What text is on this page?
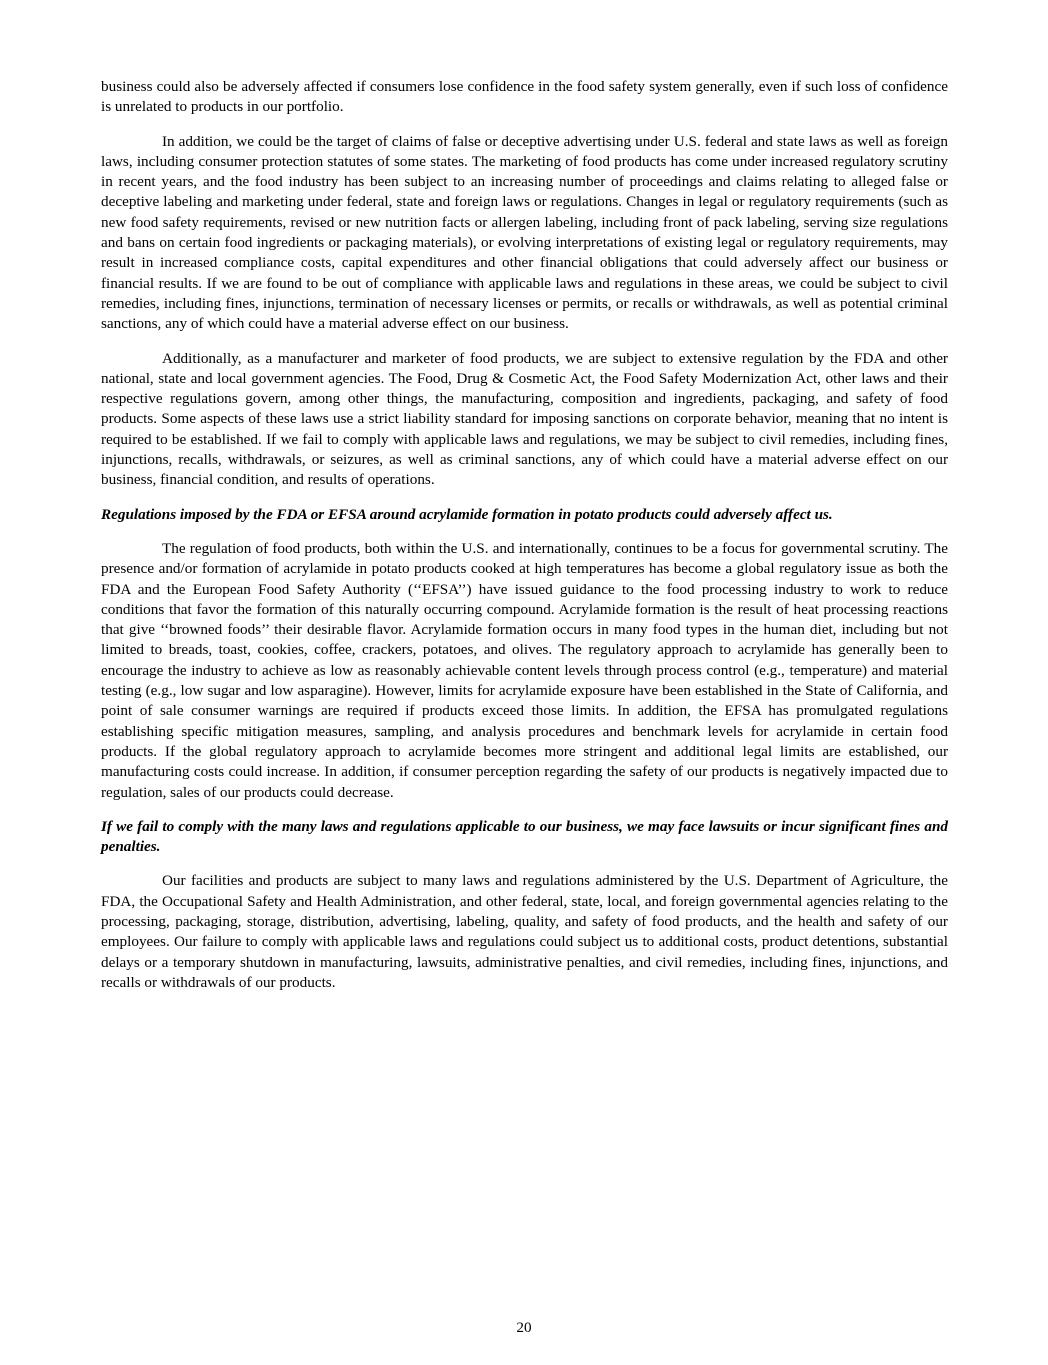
business could also be adversely affected if consumers lose confidence in the food safety system generally, even if such loss of confidence is unrelated to products in our portfolio.

In addition, we could be the target of claims of false or deceptive advertising under U.S. federal and state laws as well as foreign laws, including consumer protection statutes of some states. The marketing of food products has come under increased regulatory scrutiny in recent years, and the food industry has been subject to an increasing number of proceedings and claims relating to alleged false or deceptive labeling and marketing under federal, state and foreign laws or regulations. Changes in legal or regulatory requirements (such as new food safety requirements, revised or new nutrition facts or allergen labeling, including front of pack labeling, serving size regulations and bans on certain food ingredients or packaging materials), or evolving interpretations of existing legal or regulatory requirements, may result in increased compliance costs, capital expenditures and other financial obligations that could adversely affect our business or financial results. If we are found to be out of compliance with applicable laws and regulations in these areas, we could be subject to civil remedies, including fines, injunctions, termination of necessary licenses or permits, or recalls or withdrawals, as well as potential criminal sanctions, any of which could have a material adverse effect on our business.

Additionally, as a manufacturer and marketer of food products, we are subject to extensive regulation by the FDA and other national, state and local government agencies. The Food, Drug & Cosmetic Act, the Food Safety Modernization Act, other laws and their respective regulations govern, among other things, the manufacturing, composition and ingredients, packaging, and safety of food products. Some aspects of these laws use a strict liability standard for imposing sanctions on corporate behavior, meaning that no intent is required to be established. If we fail to comply with applicable laws and regulations, we may be subject to civil remedies, including fines, injunctions, recalls, withdrawals, or seizures, as well as criminal sanctions, any of which could have a material adverse effect on our business, financial condition, and results of operations.

Regulations imposed by the FDA or EFSA around acrylamide formation in potato products could adversely affect us.

The regulation of food products, both within the U.S. and internationally, continues to be a focus for governmental scrutiny. The presence and/or formation of acrylamide in potato products cooked at high temperatures has become a global regulatory issue as both the FDA and the European Food Safety Authority (‘‘EFSA’’) have issued guidance to the food processing industry to work to reduce conditions that favor the formation of this naturally occurring compound. Acrylamide formation is the result of heat processing reactions that give ‘‘browned foods’’ their desirable flavor. Acrylamide formation occurs in many food types in the human diet, including but not limited to breads, toast, cookies, coffee, crackers, potatoes, and olives. The regulatory approach to acrylamide has generally been to encourage the industry to achieve as low as reasonably achievable content levels through process control (e.g., temperature) and material testing (e.g., low sugar and low asparagine). However, limits for acrylamide exposure have been established in the State of California, and point of sale consumer warnings are required if products exceed those limits. In addition, the EFSA has promulgated regulations establishing specific mitigation measures, sampling, and analysis procedures and benchmark levels for acrylamide in certain food products. If the global regulatory approach to acrylamide becomes more stringent and additional legal limits are established, our manufacturing costs could increase. In addition, if consumer perception regarding the safety of our products is negatively impacted due to regulation, sales of our products could decrease.

If we fail to comply with the many laws and regulations applicable to our business, we may face lawsuits or incur significant fines and penalties.

Our facilities and products are subject to many laws and regulations administered by the U.S. Department of Agriculture, the FDA, the Occupational Safety and Health Administration, and other federal, state, local, and foreign governmental agencies relating to the processing, packaging, storage, distribution, advertising, labeling, quality, and safety of food products, and the health and safety of our employees. Our failure to comply with applicable laws and regulations could subject us to additional costs, product detentions, substantial delays or a temporary shutdown in manufacturing, lawsuits, administrative penalties, and civil remedies, including fines, injunctions, and recalls or withdrawals of our products.

20
